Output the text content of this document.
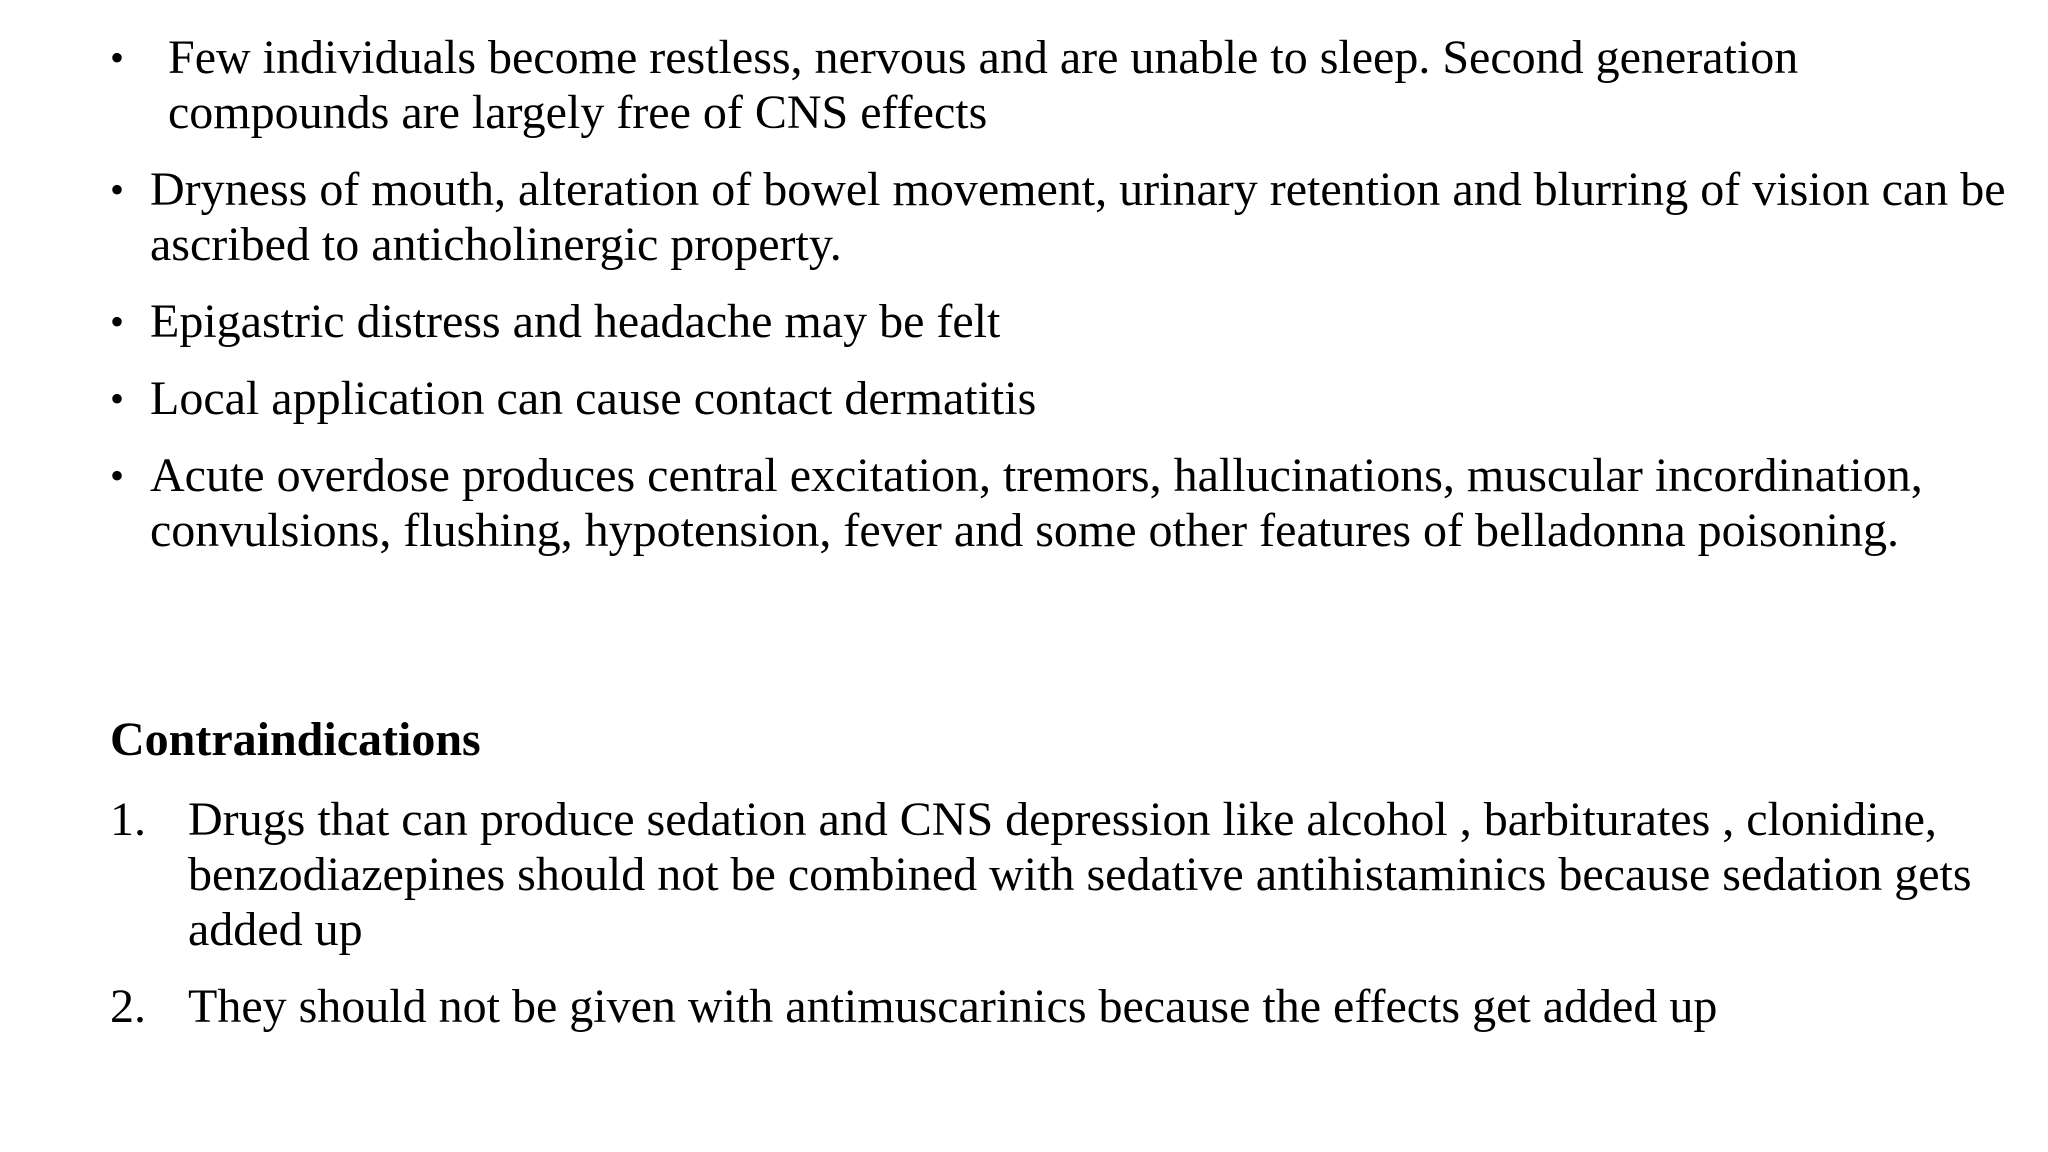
• Few individuals become restless, nervous and are unable to sleep. Second generation compounds are largely free of CNS effects
• Dryness of mouth, alteration of bowel movement, urinary retention and blurring of vision can be ascribed to anticholinergic property.
• Epigastric distress and headache may be felt
• Local application can cause contact dermatitis
• Acute overdose produces central excitation, tremors, hallucinations, muscular incordination, convulsions, flushing, hypotension, fever and some other features of belladonna poisoning.
Contraindications
1. Drugs that can produce sedation and CNS depression like alcohol , barbiturates , clonidine, benzodiazepines should not be combined with sedative antihistaminics because sedation gets added up
2. They should not be given with antimuscarinics because the effects get added up
